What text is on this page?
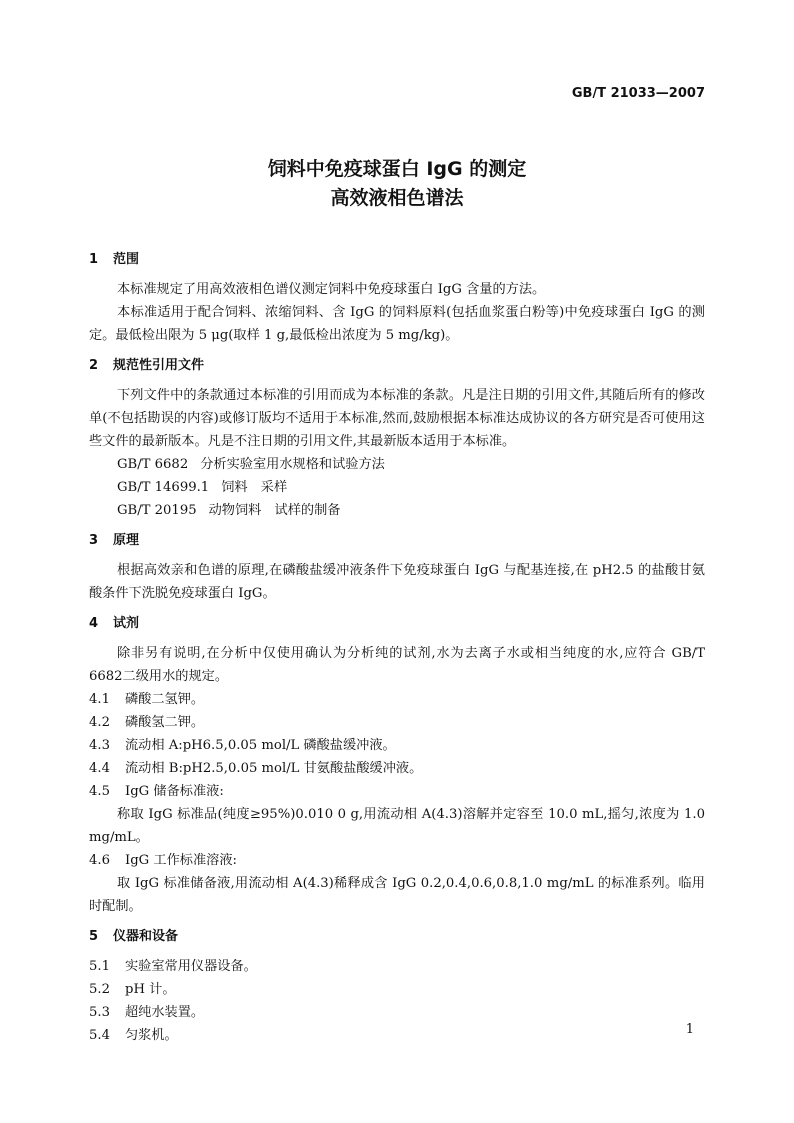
GB/T 21033—2007
饲料中免疫球蛋白 IgG 的测定
高效液相色谱法
1 范围

本标准规定了用高效液相色谱仪测定饲料中免疫球蛋白 IgG 含量的方法。

本标准适用于配合饲料、浓缩饲料、含 IgG 的饲料原料(包括血浆蛋白粉等)中免疫球蛋白 IgG 的测定。最低检出限为 5 μg(取样 1 g,最低检出浓度为 5 mg/kg)。

2 规范性引用文件

下列文件中的条款通过本标准的引用而成为本标准的条款。凡是注日期的引用文件,其随后所有的修改单(不包括勘误的内容)或修订版均不适用于本标准,然而,鼓励根据本标准达成协议的各方研究是否可使用这些文件的最新版本。凡是不注日期的引用文件,其最新版本适用于本标准。

GB/T 6682 分析实验室用水规格和试验方法

GB/T 14699.1 饲料　采样

GB/T 20195 动物饲料　试样的制备

3 原理

根据高效亲和色谱的原理,在磷酸盐缓冲液条件下免疫球蛋白 IgG 与配基连接,在 pH2.5 的盐酸甘氨酸条件下洗脱免疫球蛋白 IgG。

4 试剂

除非另有说明,在分析中仅使用确认为分析纯的试剂,水为去离子水或相当纯度的水,应符合 GB/T 6682二级用水的规定。

4.1 磷酸二氢钾。

4.2 磷酸氢二钾。

4.3 流动相 A:pH6.5,0.05 mol/L 磷酸盐缓冲液。

4.4 流动相 B:pH2.5,0.05 mol/L 甘氨酸盐酸缓冲液。

4.5 IgG 储备标准液:

称取 IgG 标准品(纯度≥95%)0.010 0 g,用流动相 A(4.3)溶解并定容至 10.0 mL,摇匀,浓度为 1.0 mg/mL。

4.6 IgG 工作标准溶液:

取 IgG 标准储备液,用流动相 A(4.3)稀释成含 IgG 0.2,0.4,0.6,0.8,1.0 mg/mL 的标准系列。临用时配制。

5 仪器和设备

5.1 实验室常用仪器设备。

5.2 pH 计。

5.3 超纯水装置。

5.4 匀浆机。	1
